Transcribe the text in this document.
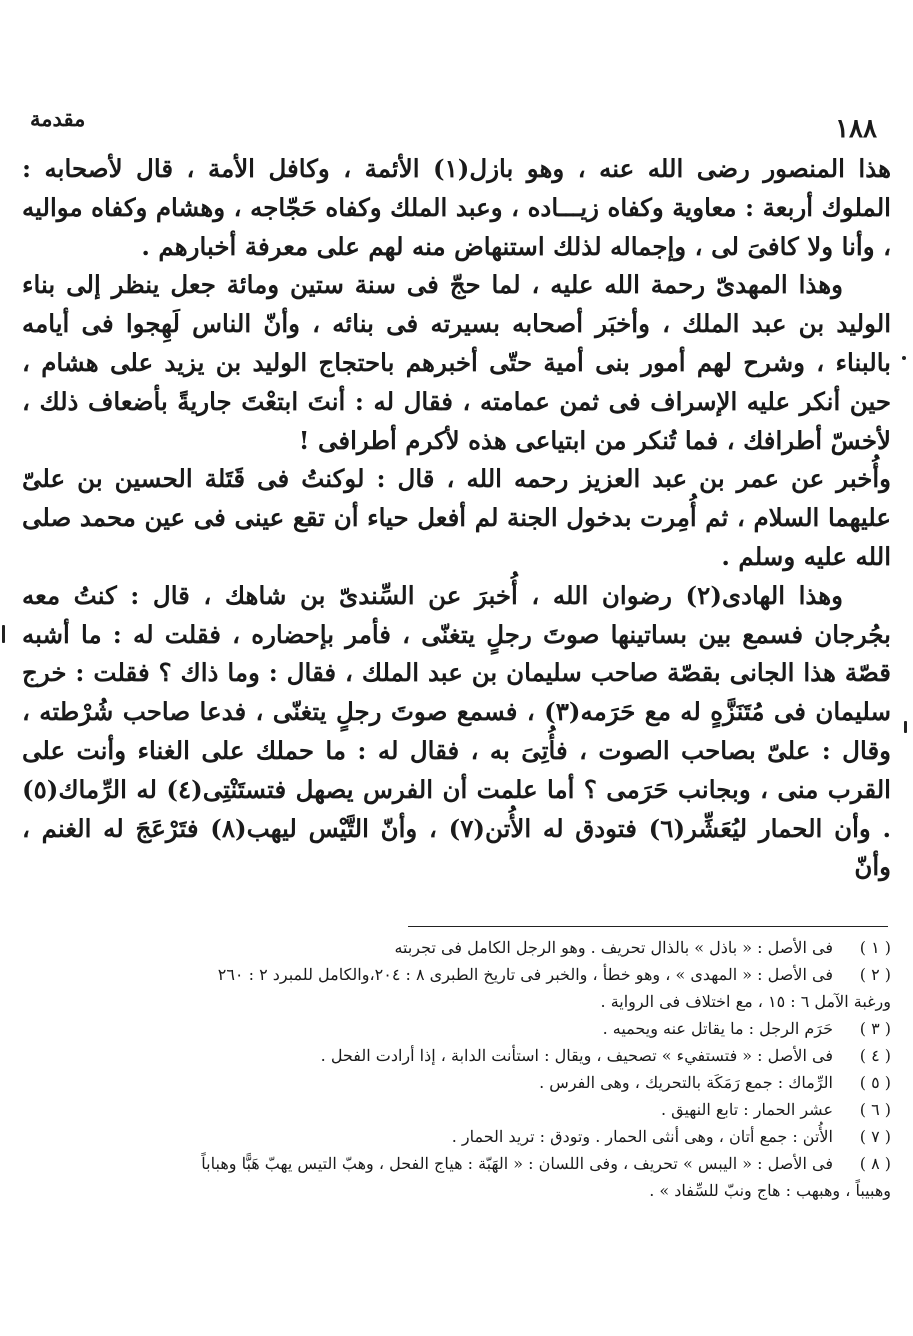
١٨٨
مقدمة

هذا المنصور رضى الله عنه ، وهو بازل(١) الأئمة ، وكافل الأمة ، قال لأصحابه : الملوك أربعة : معاوية وكفاه زيـــاده ، وعبد الملك وكفاه حَجّاجه ، وهشام وكفاه مواليه ، وأنا ولا كافىَ لى ، وإجماله لذلك استنهاض منه لهم على معرفة أخبارهم .

وهذا المهدىّ رحمة الله عليه ، لما حجّ فى سنة ستين ومائة جعل ينظر إلى بناء الوليد بن عبد الملك ، وأخبَر أصحابه بسيرته فى بنائه ، وأنّ الناس لَهِجوا فى أيامه بالبناء ، وشرح لهم أمور بنى أمية حتّى أخبرهم باحتجاج الوليد بن يزيد على هشام ، حين أنكر عليه الإسراف فى ثمن عمامته ، فقال له : أنتَ ابتعْتَ جاريةً بأضعاف ذلك ، لأخسّ أطرافك ، فما تُنكر من ابتياعى هذه لأكرم أطرافى !

وأُخبر عن عمر بن عبد العزيز رحمه الله ، قال : لوكنتُ فى قَتَلة الحسين بن علىّ عليهما السلام ، ثم أُمِرت بدخول الجنة لم أفعل حياء أن تقع عينى فى عين محمد صلى الله عليه وسلم .

وهذا الهادى(٢) رضوان الله ، أُخبرَ عن السِّندىّ بن شاهك ، قال : كنتُ معه بجُرجان فسمع بين بساتينها صوتَ رجلٍ يتغنّى ، فأمر بإحضاره ، فقلت له : ما أشبه قصّة هذا الجانى بقصّة صاحب سليمان بن عبد الملك ، فقال : وما ذاك ؟ فقلت : خرج سليمان فى مُتَنَزَّهٍ له مع حَرَمه(٣) ، فسمع صوتَ رجلٍ يتغنّى ، فدعا صاحب شُرْطته ، وقال : علىّ بصاحب الصوت ، فأُتِىَ به ، فقال له : ما حملك على الغناء وأنت على القرب منى ، وبجانب حَرَمى ؟ أما علمت أن الفرس يصهل فتستَنْتِى(٤) له الرِّماك(٥) . وأن الحمار ليُعَشِّر(٦) فتودق له الأُتن(٧) ، وأنّ التَّيْس ليهب(٨) فتَرْعَجَ له الغنم ، وأنّ

( ١ )
فى الأصل : « باذل » بالذال تحريف . وهو الرجل الكامل فى تجربته
( ٢ )
فى الأصل : « المهدى » ، وهو خطأ ، والخبر فى تاريخ الطبرى ٨ : ٢٠٤،والكامل للمبرد ٢ : ٢٦٠
ورغبة الآمل ٦ : ١٥ ، مع اختلاف فى الرواية .
( ٣ )
حَرَم الرجل : ما يقاتل عنه ويحميه .
( ٤ )
فى الأصل : « فتستفيء » تصحيف ، ويقال : استأنت الدابة ، إذا أرادت الفحل .
( ٥ )
الرِّماك : جمع رَمَكَة بالتحريك ، وهى الفرس .
( ٦ )
عشر الحمار : تابع النهيق .
( ٧ )
الأُتن : جمع أتان ، وهى أنثى الحمار . وتودق : تريد الحمار .
( ٨ )
فى الأصل : « اليبس » تحريف ، وفى اللسان : « الهَبّة : هياج الفحل ، وهبّ التيس يهبّ هَبًّا وهباباً
وهبيباً ، وهبهب : هاج ونبّ للسِّفاد » .
